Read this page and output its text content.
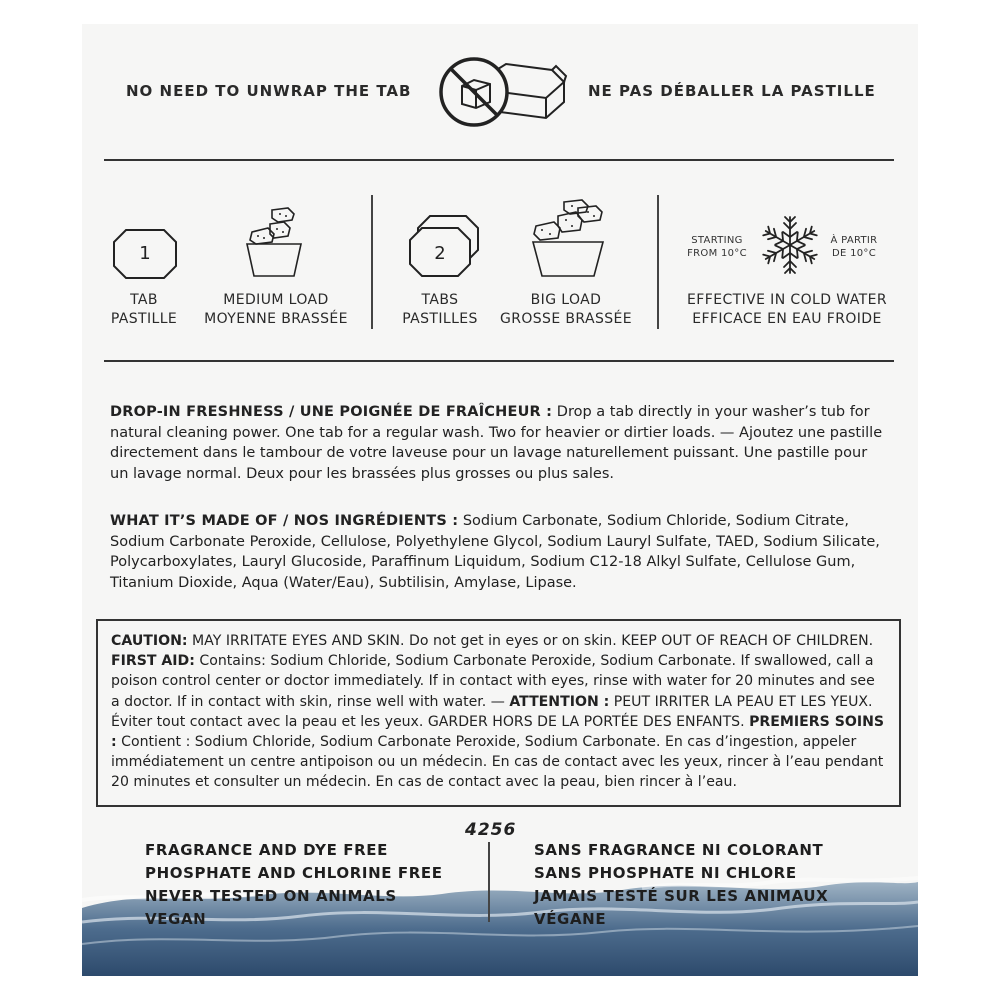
NO NEED TO UNWRAP THE TAB	NE PAS DÉBALLER LA PASTILLE
1
TAB
PASTILLE
MEDIUM LOAD
MOYENNE BRASSÉE
2
TABS
PASTILLES
BIG LOAD
GROSSE BRASSÉE
STARTING
FROM 10°C
À PARTIR
DE 10°C
EFFECTIVE IN COLD WATER
EFFICACE EN EAU FROIDE
DROP-IN FRESHNESS / UNE POIGNÉE DE FRAÎCHEUR : Drop a tab directly in your washer’s tub for natural cleaning power. One tab for a regular wash. Two for heavier or dirtier loads. — Ajoutez une pastille directement dans le tambour de votre laveuse pour un lavage naturellement puissant. Une pastille pour un lavage normal. Deux pour les brassées plus grosses ou plus sales.
WHAT IT’S MADE OF / NOS INGRÉDIENTS : Sodium Carbonate, Sodium Chloride, Sodium Citrate, Sodium Carbonate Peroxide, Cellulose, Polyethylene Glycol, Sodium Lauryl Sulfate, TAED, Sodium Silicate, Polycarboxylates, Lauryl Glucoside, Paraffinum Liquidum, Sodium C12-18 Alkyl Sulfate, Cellulose Gum, Titanium Dioxide, Aqua (Water/Eau), Subtilisin, Amylase, Lipase.
CAUTION: MAY IRRITATE EYES AND SKIN. Do not get in eyes or on skin. KEEP OUT OF REACH OF CHILDREN. FIRST AID: Contains: Sodium Chloride, Sodium Carbonate Peroxide, Sodium Carbonate. If swallowed, call a poison control center or doctor immediately. If in contact with eyes, rinse with water for 20 minutes and see a doctor. If in contact with skin, rinse well with water. — ATTENTION : PEUT IRRITER LA PEAU ET LES YEUX. Éviter tout contact avec la peau et les yeux. GARDER HORS DE LA PORTÉE DES ENFANTS. PREMIERS SOINS : Contient : Sodium Chloride, Sodium Carbonate Peroxide, Sodium Carbonate. En cas d’ingestion, appeler immédiatement un centre antipoison ou un médecin. En cas de contact avec les yeux, rincer à l’eau pendant 20 minutes et consulter un médecin. En cas de contact avec la peau, bien rincer à l’eau.
4256
FRAGRANCE AND DYE FREE
PHOSPHATE AND CHLORINE FREE
NEVER TESTED ON ANIMALS
VEGAN
SANS FRAGRANCE NI COLORANT
SANS PHOSPHATE NI CHLORE
JAMAIS TESTÉ SUR LES ANIMAUX
VÉGANE
